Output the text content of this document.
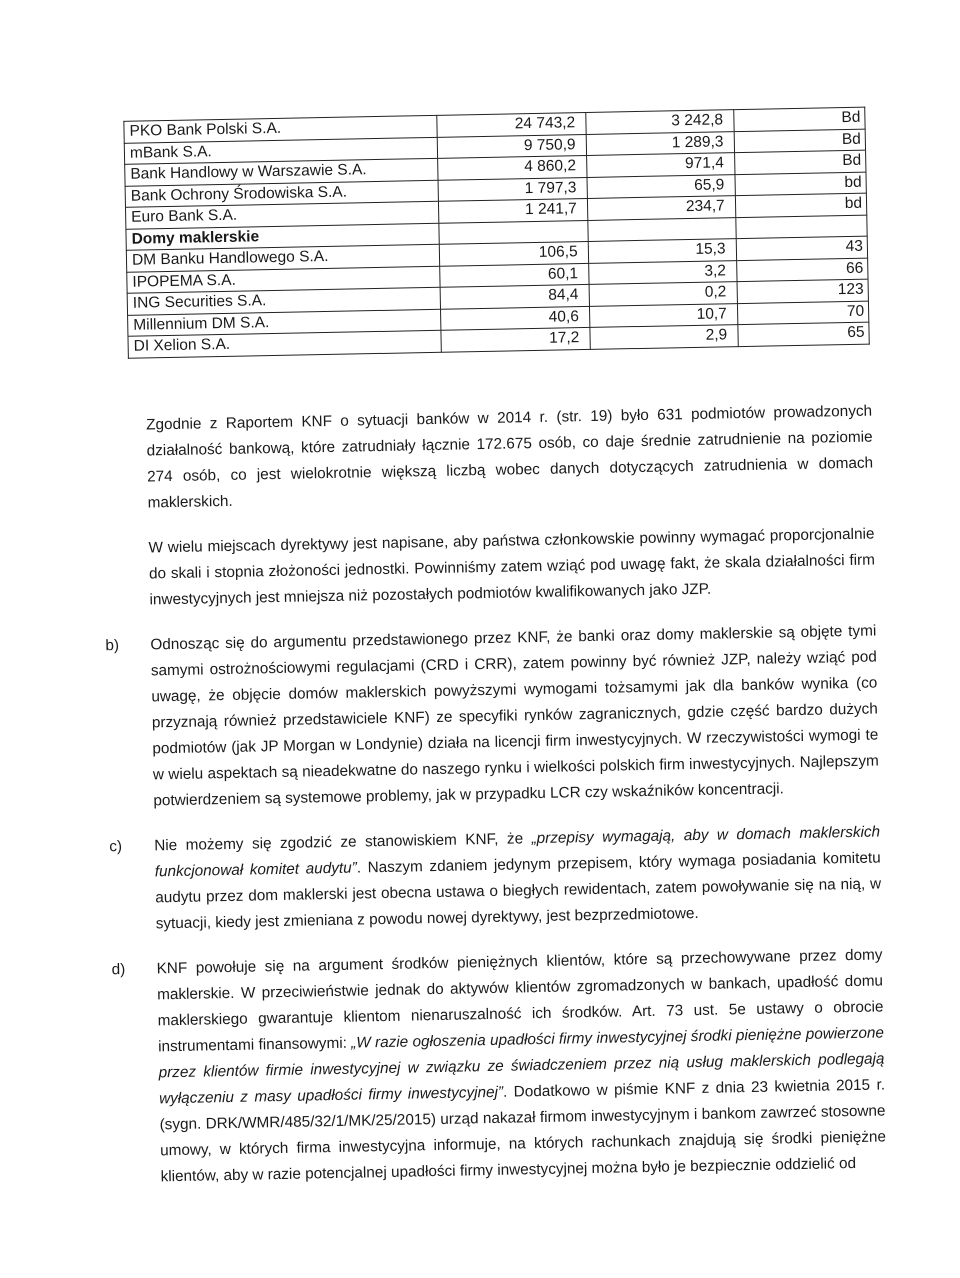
PKO Bank Polski S.A.	24 743,2	3 242,8	Bd
mBank S.A.	9 750,9	1 289,3	Bd
Bank Handlowy w Warszawie S.A.	4 860,2	971,4	Bd
Bank Ochrony Środowiska S.A.	1 797,3	65,9	bd
Euro Bank S.A.	1 241,7	234,7	bd
Domy maklerskie			
DM Banku Handlowego S.A.	106,5	15,3	43
IPOPEMA S.A.	60,1	3,2	66
ING Securities S.A.	84,4	0,2	123
Millennium DM S.A.	40,6	10,7	70
DI Xelion S.A.	17,2	2,9	65

Zgodnie z Raportem KNF o sytuacji banków w 2014 r. (str. 19) było 631 podmiotów prowadzonych działalność bankową, które zatrudniały łącznie 172.675 osób, co daje średnie zatrudnienie na poziomie 274 osób, co jest wielokrotnie większą liczbą wobec danych dotyczących zatrudnienia w domach maklerskich.

W wielu miejscach dyrektywy jest napisane, aby państwa członkowskie powinny wymagać proporcjonalnie do skali i stopnia złożoności jednostki. Powinniśmy zatem wziąć pod uwagę fakt, że skala działalności firm inwestycyjnych jest mniejsza niż pozostałych podmiotów kwalifikowanych jako JZP.

b) Odnosząc się do argumentu przedstawionego przez KNF, że banki oraz domy maklerskie są objęte tymi samymi ostrożnościowymi regulacjami (CRD i CRR), zatem powinny być również JZP, należy wziąć pod uwagę, że objęcie domów maklerskich powyższymi wymogami tożsamymi jak dla banków wynika (co przyznają również przedstawiciele KNF) ze specyfiki rynków zagranicznych, gdzie część bardzo dużych podmiotów (jak JP Morgan w Londynie) działa na licencji firm inwestycyjnych. W rzeczywistości wymogi te w wielu aspektach są nieadekwatne do naszego rynku i wielkości polskich firm inwestycyjnych. Najlepszym potwierdzeniem są systemowe problemy, jak w przypadku LCR czy wskaźników koncentracji.

c) Nie możemy się zgodzić ze stanowiskiem KNF, że „przepisy wymagają, aby w domach maklerskich funkcjonował komitet audytu”. Naszym zdaniem jedynym przepisem, który wymaga posiadania komitetu audytu przez dom maklerski jest obecna ustawa o biegłych rewidentach, zatem powoływanie się na nią, w sytuacji, kiedy jest zmieniana z powodu nowej dyrektywy, jest bezprzedmiotowe.

d) KNF powołuje się na argument środków pieniężnych klientów, które są przechowywane przez domy maklerskie. W przeciwieństwie jednak do aktywów klientów zgromadzonych w bankach, upadłość domu maklerskiego gwarantuje klientom nienaruszalność ich środków. Art. 73 ust. 5e ustawy o obrocie instrumentami finansowymi: „W razie ogłoszenia upadłości firmy inwestycyjnej środki pieniężne powierzone przez klientów firmie inwestycyjnej w związku ze świadczeniem przez nią usług maklerskich podlegają wyłączeniu z masy upadłości firmy inwestycyjnej”. Dodatkowo w piśmie KNF z dnia 23 kwietnia 2015 r. (sygn. DRK/WMR/485/32/1/MK/25/2015) urząd nakazał firmom inwestycyjnym i bankom zawrzeć stosowne umowy, w których firma inwestycyjna informuje, na których rachunkach znajdują się środki pieniężne klientów, aby w razie potencjalnej upadłości firmy inwestycyjnej można było je bezpiecznie oddzielić od
